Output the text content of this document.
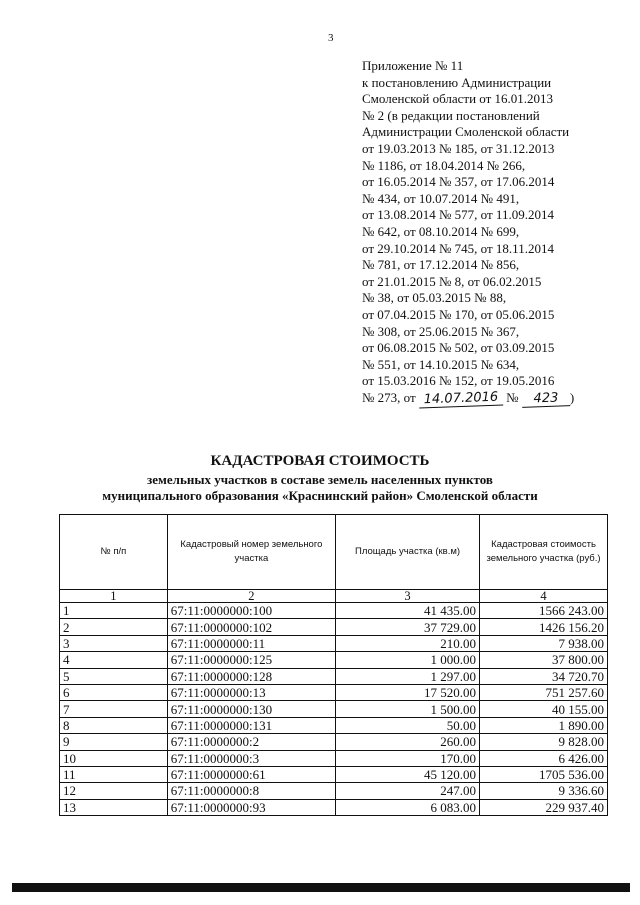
3
Приложение № 11
к постановлению Администрации
Смоленской области от 16.01.2013
№ 2 (в редакции постановлений
Администрации Смоленской области
от 19.03.2013 № 185, от 31.12.2013
№ 1186, от 18.04.2014 № 266,
от 16.05.2014 № 357, от 17.06.2014
№ 434, от 10.07.2014 № 491,
от 13.08.2014 № 577, от 11.09.2014
№ 642, от 08.10.2014 № 699,
от 29.10.2014 № 745, от 18.11.2014
№ 781, от 17.12.2014 № 856,
от 21.01.2015 № 8, от 06.02.2015
№ 38, от 05.03.2015 № 88,
от 07.04.2015 № 170, от 05.06.2015
№ 308, от 25.06.2015 № 367,
от 06.08.2015 № 502, от 03.09.2015
№ 551, от 14.10.2015 № 634,
от 15.03.2016 № 152, от 19.05.2016
№ 273, от 14.07.2016 № 423 )
КАДАСТРОВАЯ СТОИМОСТЬ
земельных участков в составе земель населенных пунктов
муниципального образования «Краснинский район» Смоленской области
№ п/п	Кадастровый номер земельного участка	Площадь участка (кв.м)	Кадастровая стоимость земельного участка (руб.)
1	2	3	4
1	67:11:0000000:100	41 435.00	1566 243.00
2	67:11:0000000:102	37 729.00	1426 156.20
3	67:11:0000000:11	210.00	7 938.00
4	67:11:0000000:125	1 000.00	37 800.00
5	67:11:0000000:128	1 297.00	34 720.70
6	67:11:0000000:13	17 520.00	751 257.60
7	67:11:0000000:130	1 500.00	40 155.00
8	67:11:0000000:131	50.00	1 890.00
9	67:11:0000000:2	260.00	9 828.00
10	67:11:0000000:3	170.00	6 426.00
11	67:11:0000000:61	45 120.00	1705 536.00
12	67:11:0000000:8	247.00	9 336.60
13	67:11:0000000:93	6 083.00	229 937.40
